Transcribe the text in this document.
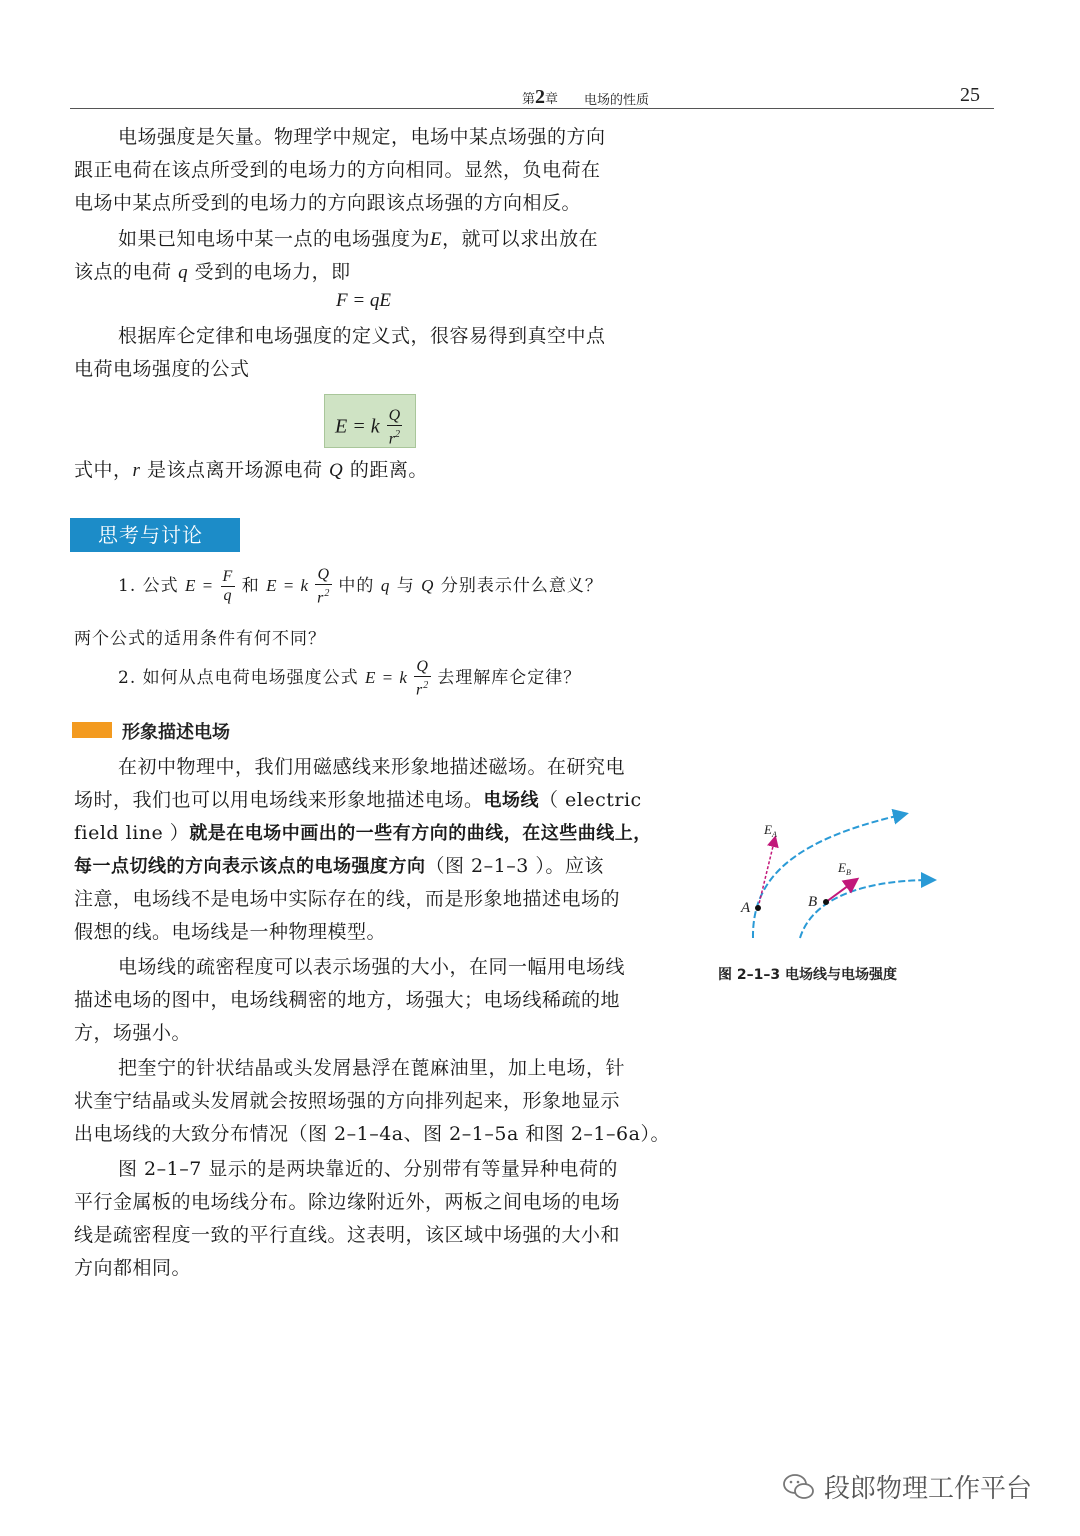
第2章 电场的性质	25
电场强度是矢量。物理学中规定，电场中某点场强的方向
跟正电荷在该点所受到的电场力的方向相同。显然，负电荷在
电场中某点所受到的电场力的方向跟该点场强的方向相反。
如果已知电场中某一点的电场强度为E，就可以求出放在
该点的电荷 q 受到的电场力，即
F = qE
根据库仑定律和电场强度的定义式，很容易得到真空中点
电荷电场强度的公式
E = k $\frac{Q}{r^2}$
式中，r 是该点离开场源电荷 Q 的距离。
思考与讨论
1. 公式 $E = \frac{F}{q}$ 和 E = k $\frac{Q}{r^2}$ 中的 q 与 Q 分别表示什么意义？
两个公式的适用条件有何不同？
2. 如何从点电荷电场强度公式 E = k $\frac{Q}{r^2}$ 去理解库仑定律？
形象描述电场
在初中物理中，我们用磁感线来形象地描述磁场。在研究电
场时，我们也可以用电场线来形象地描述电场。电场线（ electric
field line ）就是在电场中画出的一些有方向的曲线，在这些曲线上，
每一点切线的方向表示该点的电场强度方向（图 2–1–3 ）。应该
注意，电场线不是电场中实际存在的线，而是形象地描述电场的
假想的线。电场线是一种物理模型。
电场线的疏密程度可以表示场强的大小，在同一幅用电场线
描述电场的图中，电场线稠密的地方，场强大；电场线稀疏的地
方，场强小。
把奎宁的针状结晶或头发屑悬浮在蓖麻油里，加上电场，针
状奎宁结晶或头发屑就会按照场强的方向排列起来，形象地显示
出电场线的大致分布情况（图 2–1–4a、图 2–1–5a 和图 2–1–6a）。
图 2–1–7 显示的是两块靠近的、分别带有等量异种电荷的
平行金属板的电场线分布。除边缘附近外，两板之间电场的电场
线是疏密程度一致的平行直线。这表明，该区域中场强的大小和
方向都相同。
$E_A$
$E_B$
A	B
图 2–1–3 电场线与电场强度
段郎物理工作平台
